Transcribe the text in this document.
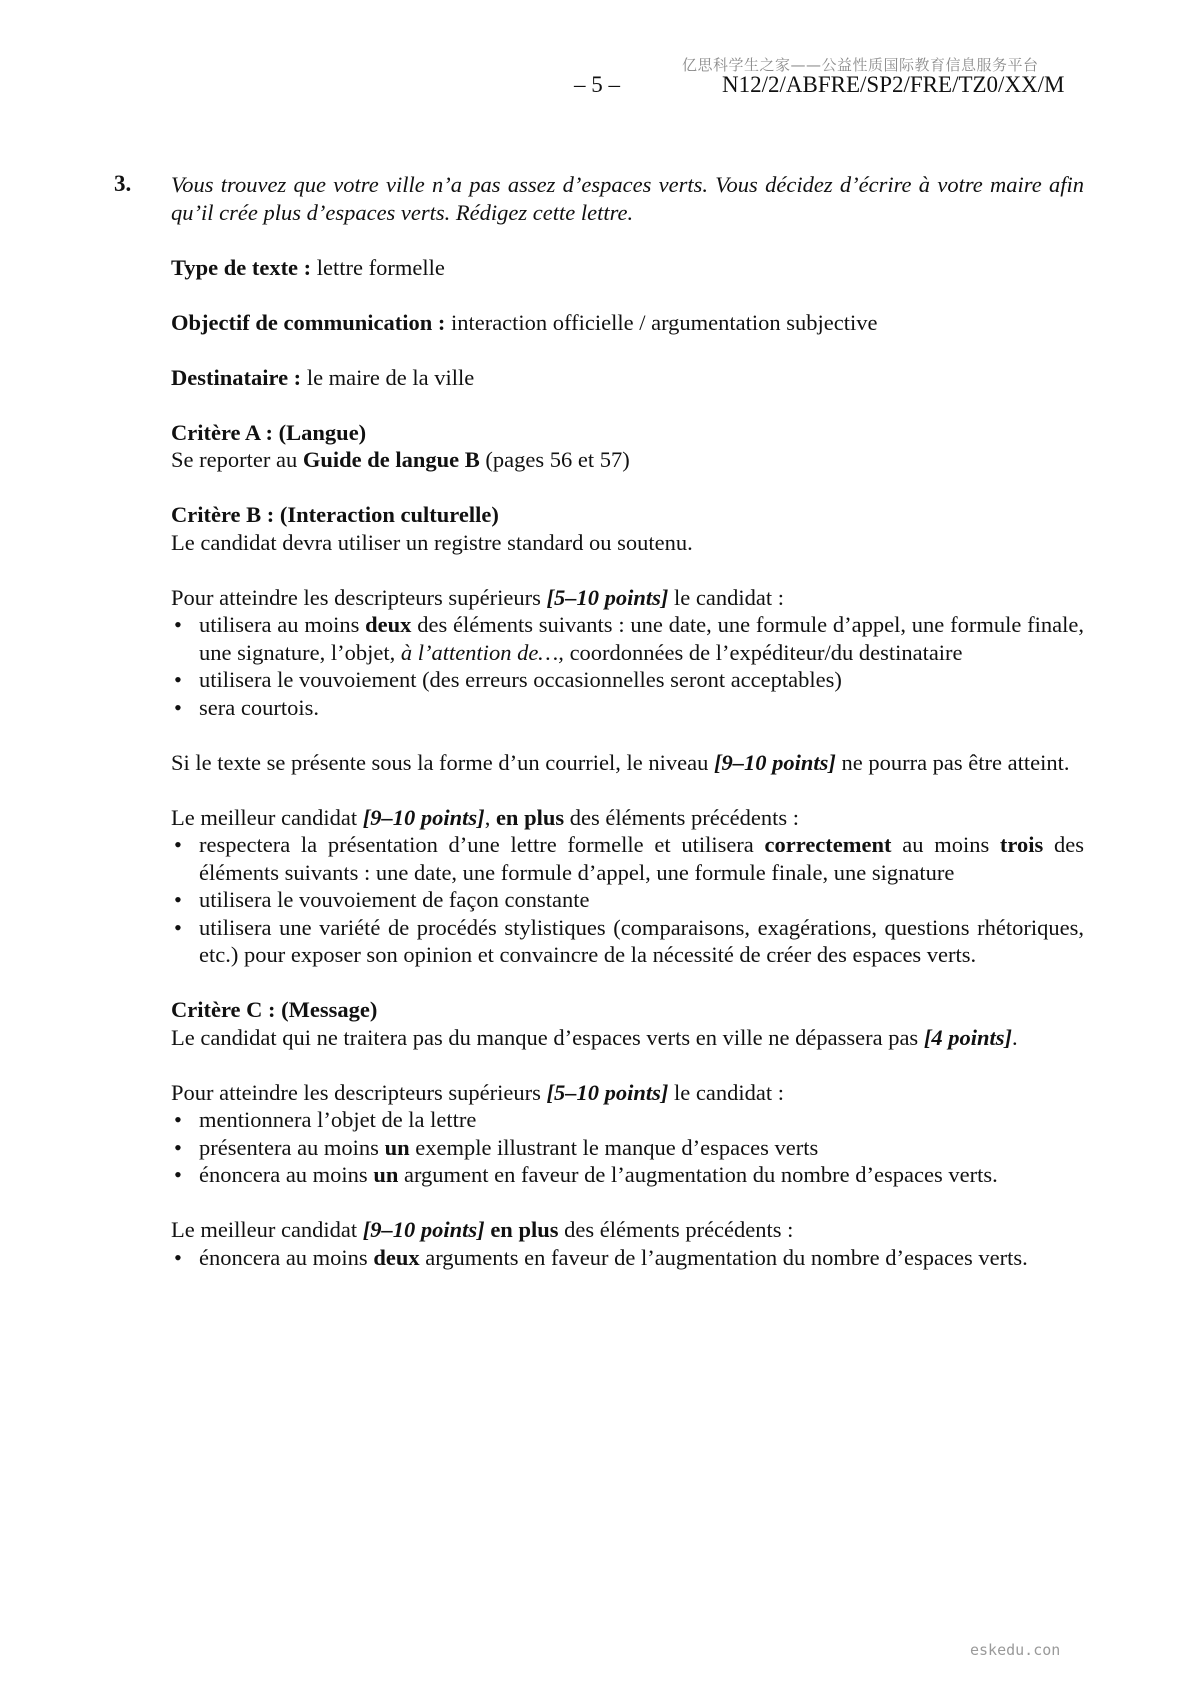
亿思科学生之家——公益性质国际教育信息服务平台
– 5 –	N12/2/ABFRE/SP2/FRE/TZ0/XX/M
3. Vous trouvez que votre ville n’a pas assez d’espaces verts. Vous décidez d’écrire à votre maire afin qu’il crée plus d’espaces verts. Rédigez cette lettre.

Type de texte : lettre formelle

Objectif de communication : interaction officielle / argumentation subjective

Destinataire : le maire de la ville

Critère A : (Langue)

Se reporter au Guide de langue B (pages 56 et 57)

Critère B : (Interaction culturelle)

Le candidat devra utiliser un registre standard ou soutenu.

Pour atteindre les descripteurs supérieurs [5–10 points] le candidat :

• utilisera au moins deux des éléments suivants : une date, une formule d’appel, une formule finale, une signature, l’objet, à l’attention de…, coordonnées de l’expéditeur/du destinataire
• utilisera le vouvoiement (des erreurs occasionnelles seront acceptables)
• sera courtois.

Si le texte se présente sous la forme d’un courriel, le niveau [9–10 points] ne pourra pas être atteint.

Le meilleur candidat [9–10 points], en plus des éléments précédents :

• respectera la présentation d’une lettre formelle et utilisera correctement au moins trois des éléments suivants : une date, une formule d’appel, une formule finale, une signature
• utilisera le vouvoiement de façon constante
• utilisera une variété de procédés stylistiques (comparaisons, exagérations, questions rhétoriques, etc.) pour exposer son opinion et convaincre de la nécessité de créer des espaces verts.

Critère C : (Message)

Le candidat qui ne traitera pas du manque d’espaces verts en ville ne dépassera pas [4 points].

Pour atteindre les descripteurs supérieurs [5–10 points] le candidat :

• mentionnera l’objet de la lettre
• présentera au moins un exemple illustrant le manque d’espaces verts
• énoncera au moins un argument en faveur de l’augmentation du nombre d’espaces verts.

Le meilleur candidat [9–10 points] en plus des éléments précédents :

• énoncera au moins deux arguments en faveur de l’augmentation du nombre d’espaces verts.
eskedu.con
